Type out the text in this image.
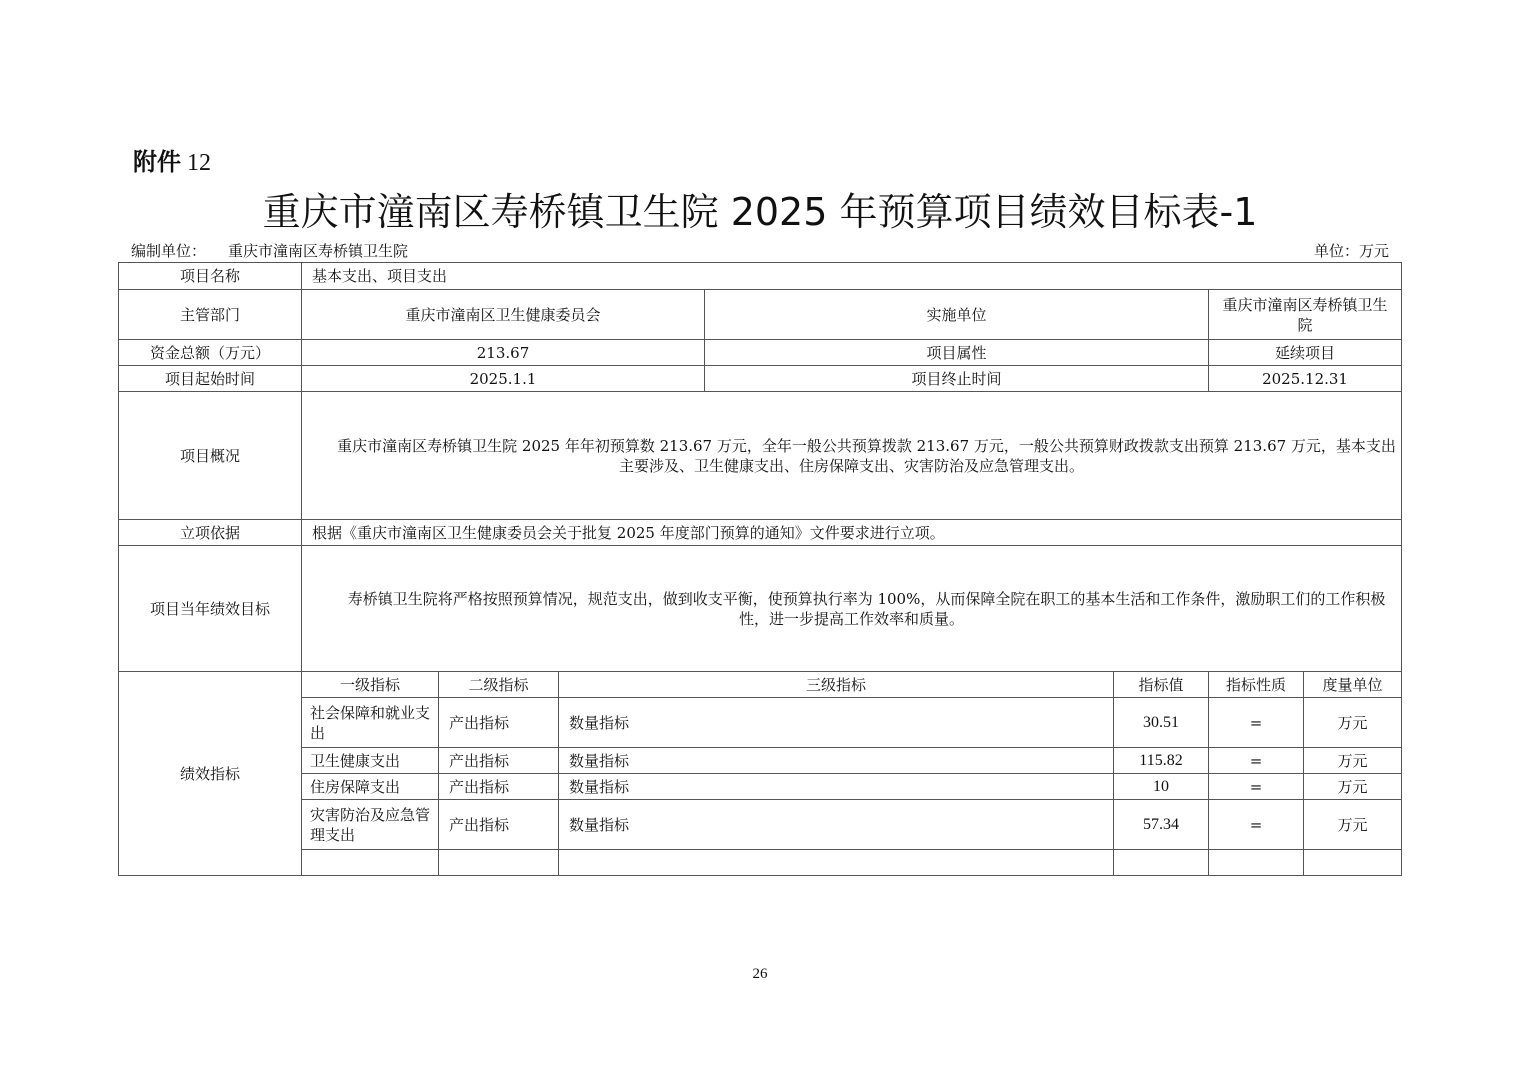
附件 12
重庆市潼南区寿桥镇卫生院 2025 年预算项目绩效目标表-1
编制单位： 重庆市潼南区寿桥镇卫生院	单位：万元
项目名称	基本支出、项目支出						
主管部门	重庆市潼南区卫生健康委员会			实施单位		重庆市潼南区寿桥镇卫生院	
资金总额（万元）	213.67			项目属性		延续项目	
项目起始时间	2025.1.1			项目终止时间		2025.12.31	
项目概况	重庆市潼南区寿桥镇卫生院 2025 年年初预算数 213.67 万元，全年一般公共预算拨款 213.67 万元，一般公共预算财政拨款支出预算 213.67 万元，基本支出主要涉及、卫生健康支出、住房保障支出、灾害防治及应急管理支出。						
立项依据	根据《重庆市潼南区卫生健康委员会关于批复 2025 年度部门预算的通知》文件要求进行立项。						
项目当年绩效目标	寿桥镇卫生院将严格按照预算情况，规范支出，做到收支平衡，使预算执行率为 100%，从而保障全院在职工的基本生活和工作条件，激励职工们的工作积极性，进一步提高工作效率和质量。						
绩效指标	一级指标	二级指标	三级指标		指标值	指标性质	度量单位
	社会保障和就业支出	产出指标	数量指标		30.51	=	万元
	卫生健康支出	产出指标	数量指标		115.82	=	万元
	住房保障支出	产出指标	数量指标		10	=	万元
	灾害防治及应急管理支出	产出指标	数量指标		57.34	=	万元

26
